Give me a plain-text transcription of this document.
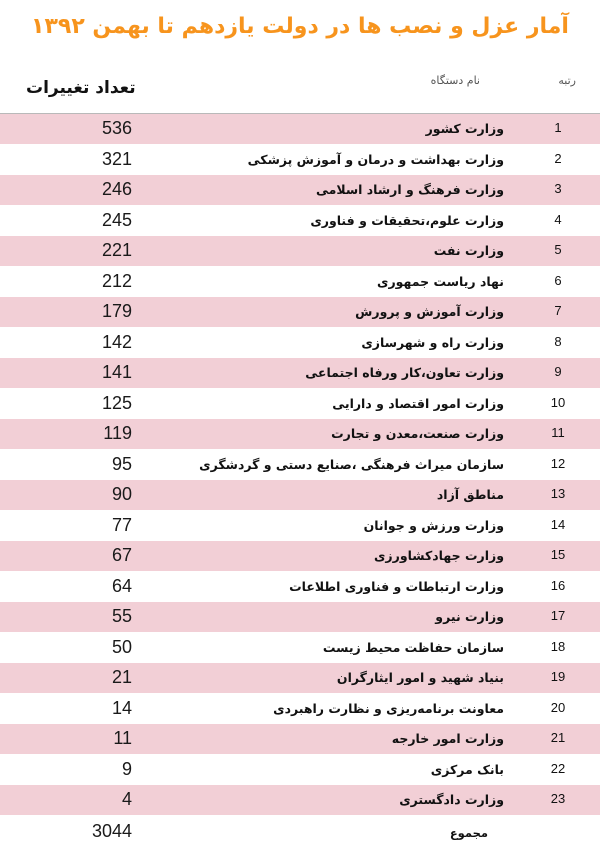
آمار عزل و نصب ها در دولت یازدهم تا بهمن ۱۳۹۲
تعداد تغییرات	نام دستگاه	رتبه
536	وزارت کشور	1
321	وزارت بهداشت و درمان و آموزش پزشکی	2
246	وزارت فرهنگ و ارشاد اسلامی	3
245	وزارت علوم،تحقیقات و فناوری	4
221	وزارت نفت	5
212	نهاد ریاست جمهوری	6
179	وزارت آموزش و پرورش	7
142	وزارت راه و شهرسازی	8
141	وزارت تعاون،کار ورفاه اجتماعی	9
125	وزارت امور اقتصاد و دارایی	10
119	وزارت صنعت،معدن و تجارت	11
95	سازمان میراث فرهنگی ،صنایع دستی و گردشگری	12
90	مناطق آزاد	13
77	وزارت ورزش و جوانان	14
67	وزارت جهادکشاورزی	15
64	وزارت ارتباطات و فناوری اطلاعات	16
55	وزارت نیرو	17
50	سازمان حفاظت محیط زیست	18
21	بنیاد شهید و امور ایثارگران	19
14	معاونت برنامه‌ریزی و نظارت راهبردی	20
11	وزارت امور خارجه	21
9	بانک مرکزی	22
4	وزارت دادگستری	23
3044	مجموع
